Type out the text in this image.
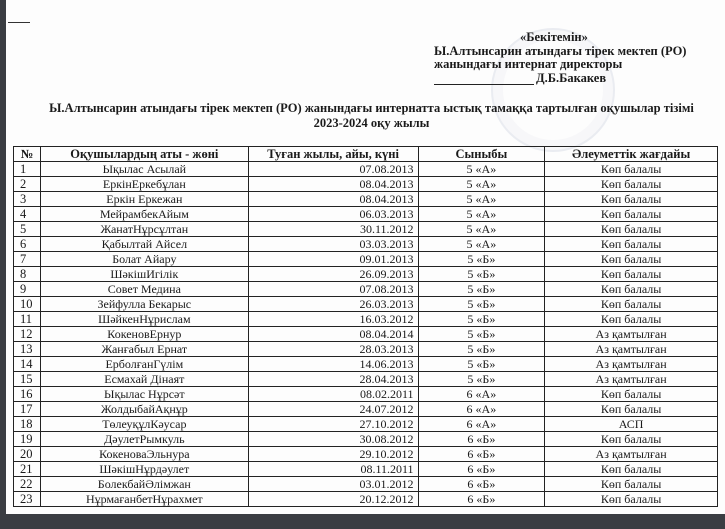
«Бекітемін»
Ы.Алтынсарин атындағы тірек мектеп (РО)
жанындағы интернат директоры
Д.Б.Бакакев
Ы.Алтынсарин атындағы тірек мектеп (РО) жанындағы интернатта ыстық тамаққа тартылған оқушылар тізімі
2023-2024 оқу жылы
№	Оқушылардың аты - жөні	Туған жылы, айы, күні	Сыныбы	Әлеуметтік жағдайы
1	Ықылас Асылай	07.08.2013	5 «А»	Көп балалы
2	ЕркінЕркебұлан	08.04.2013	5 «А»	Көп балалы
3	Еркін Еркежан	08.04.2013	5 «А»	Көп балалы
4	МейрамбекАйым	06.03.2013	5 «А»	Көп балалы
5	ЖанатНұрсұлтан	30.11.2012	5 «А»	Көп балалы
6	Қабылтай Айсел	03.03.2013	5 «А»	Көп балалы
7	Болат Айару	09.01.2013	5 «Б»	Көп балалы
8	ШәкішИгілік	26.09.2013	5 «Б»	Көп балалы
9	Совет Медина	07.08.2013	5 «Б»	Көп балалы
10	Зейфулла Бекарыс	26.03.2013	5 «Б»	Көп балалы
11	ШәйкенНұрислам	16.03.2012	5 «Б»	Көп балалы
12	КокеновЕрнур	08.04.2014	5 «Б»	Аз қамтылған
13	Жанғабыл Ернат	28.03.2013	5 «Б»	Аз қамтылған
14	ЕрболғанГүлім	14.06.2013	5 «Б»	Аз қамтылған
15	Есмахай Дінаят	28.04.2013	5 «Б»	Аз қамтылған
16	Ықылас Нұрсәт	08.02.2011	6 «А»	Көп балалы
17	ЖолдыбайАқнұр	24.07.2012	6 «А»	Көп балалы
18	ТөлеуқұлКәусар	27.10.2012	6 «А»	АСП
19	ДәулетРымкуль	30.08.2012	6 «Б»	Көп балалы
20	КокеноваЭльнура	29.10.2012	6 «Б»	Аз қамтылған
21	ШәкішНұрдәулет	08.11.2011	6 «Б»	Көп балалы
22	БолекбайӘлімжан	03.01.2012	6 «Б»	Көп балалы
23	НұрмағанбетНұрахмет	20.12.2012	6 «Б»	Көп балалы
